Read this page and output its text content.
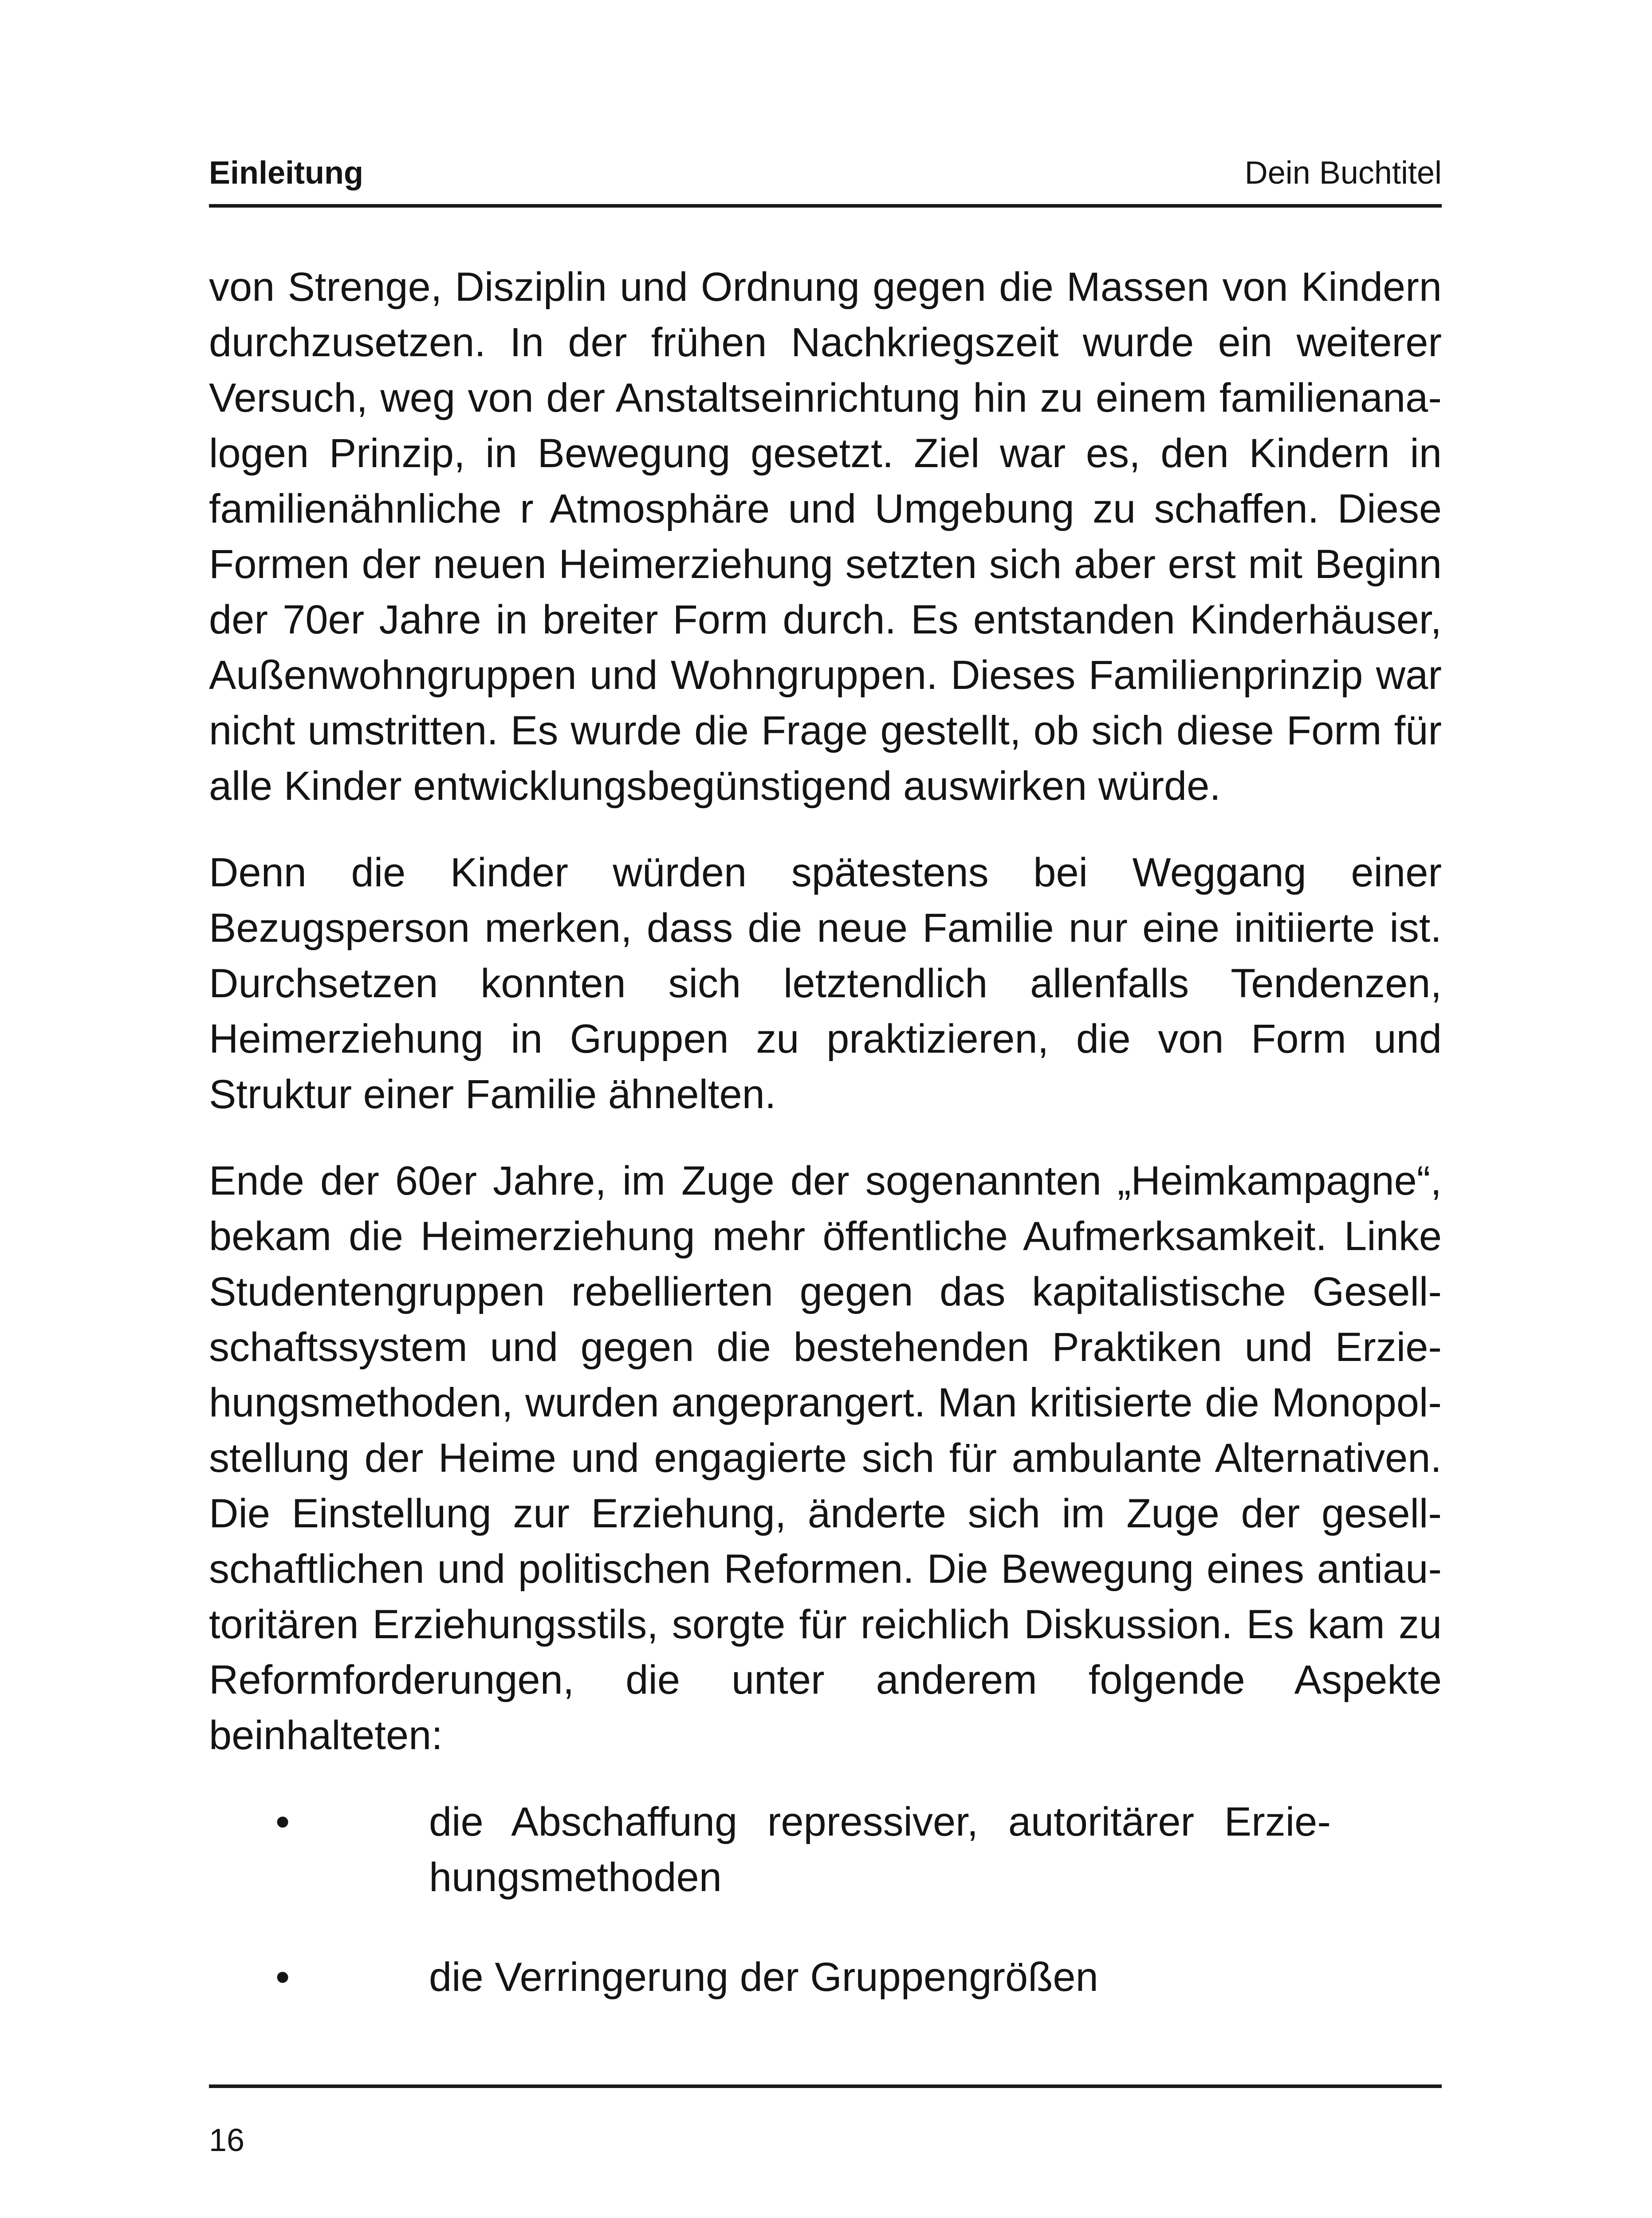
Einleitung	Dein Buchtitel

von Strenge, Disziplin und Ordnung gegen die Massen von Kindern durchzusetzen. In der frühen Nachkriegszeit wurde ein weiterer Versuch, weg von der Anstaltseinrichtung hin zu einem familienanalogen Prinzip, in Bewegung gesetzt. Ziel war es, den Kindern in familienähnliche r Atmosphäre und Umgebung zu schaffen. Diese Formen der neuen Heimerziehung setzten sich aber erst mit Beginn der 70er Jahre in breiter Form durch. Es entstanden Kinderhäuser, Außenwohngruppen und Wohngruppen. Dieses Familienprinzip war nicht umstritten. Es wurde die Frage gestellt, ob sich diese Form für alle Kinder entwicklungsbegünstigend auswirken würde.

Denn die Kinder würden spätestens bei Weggang einer Bezugsperson merken, dass die neue Familie nur eine initiierte ist. Durchsetzen konnten sich letztendlich allenfalls Tendenzen, Heimerziehung in Gruppen zu praktizieren, die von Form und Struktur einer Familie ähnelten.

Ende der 60er Jahre, im Zuge der sogenannten „Heimkampagne“, bekam die Heimerziehung mehr öffentliche Aufmerksamkeit. Linke Studentengruppen rebellierten gegen das kapitalistische Gesellschaftssystem und gegen die bestehenden Praktiken und Erziehungsmethoden, wurden angeprangert. Man kritisierte die Monopolstellung der Heime und engagierte sich für ambulante Alternativen. Die Einstellung zur Erziehung, änderte sich im Zuge der gesellschaftlichen und politischen Reformen. Die Bewegung eines antiautoritären Erziehungsstils, sorgte für reichlich Diskussion. Es kam zu Reformforderungen, die unter anderem folgende Aspekte beinhalteten:

•	die Abschaffung repressiver, autoritärer Erziehungsmethoden
•	die Verringerung der Gruppengrößen
16
